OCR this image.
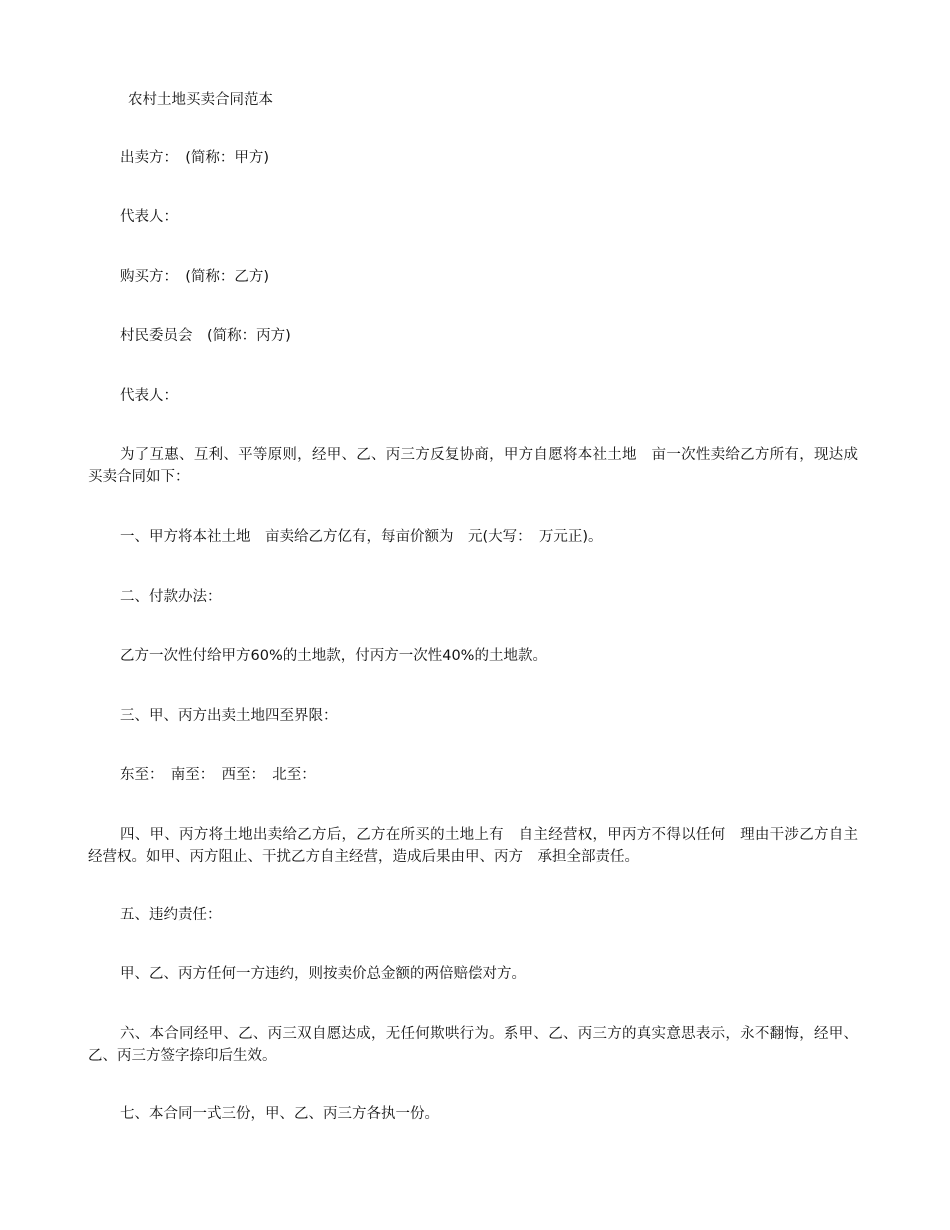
农村土地买卖合同范本

出卖方：　(简称：甲方)

代表人：

购买方：　(简称：乙方)

村民委员会　(简称：丙方)

代表人：

为了互惠、互利、平等原则，经甲、乙、丙三方反复协商，甲方自愿将本社土地　亩一次性卖给乙方所有，现达成买卖合同如下：

一、甲方将本社土地　亩卖给乙方亿有，每亩价额为　元(大写：　万元正)。

二、付款办法：

乙方一次性付给甲方60%的土地款，付丙方一次性40%的土地款。

三、甲、丙方出卖土地四至界限：

东至：　南至：　西至：　北至：

四、甲、丙方将土地出卖给乙方后，乙方在所买的土地上有　自主经营权，甲丙方不得以任何　理由干涉乙方自主经营权。如甲、丙方阻止、干扰乙方自主经营，造成后果由甲、丙方　承担全部责任。

五、违约责任：

甲、乙、丙方任何一方违约，则按卖价总金额的两倍赔偿对方。

六、本合同经甲、乙、丙三双自愿达成，无任何欺哄行为。系甲、乙、丙三方的真实意思表示，永不翻悔，经甲、乙、丙三方签字捺印后生效。

七、本合同一式三份，甲、乙、丙三方各执一份。
